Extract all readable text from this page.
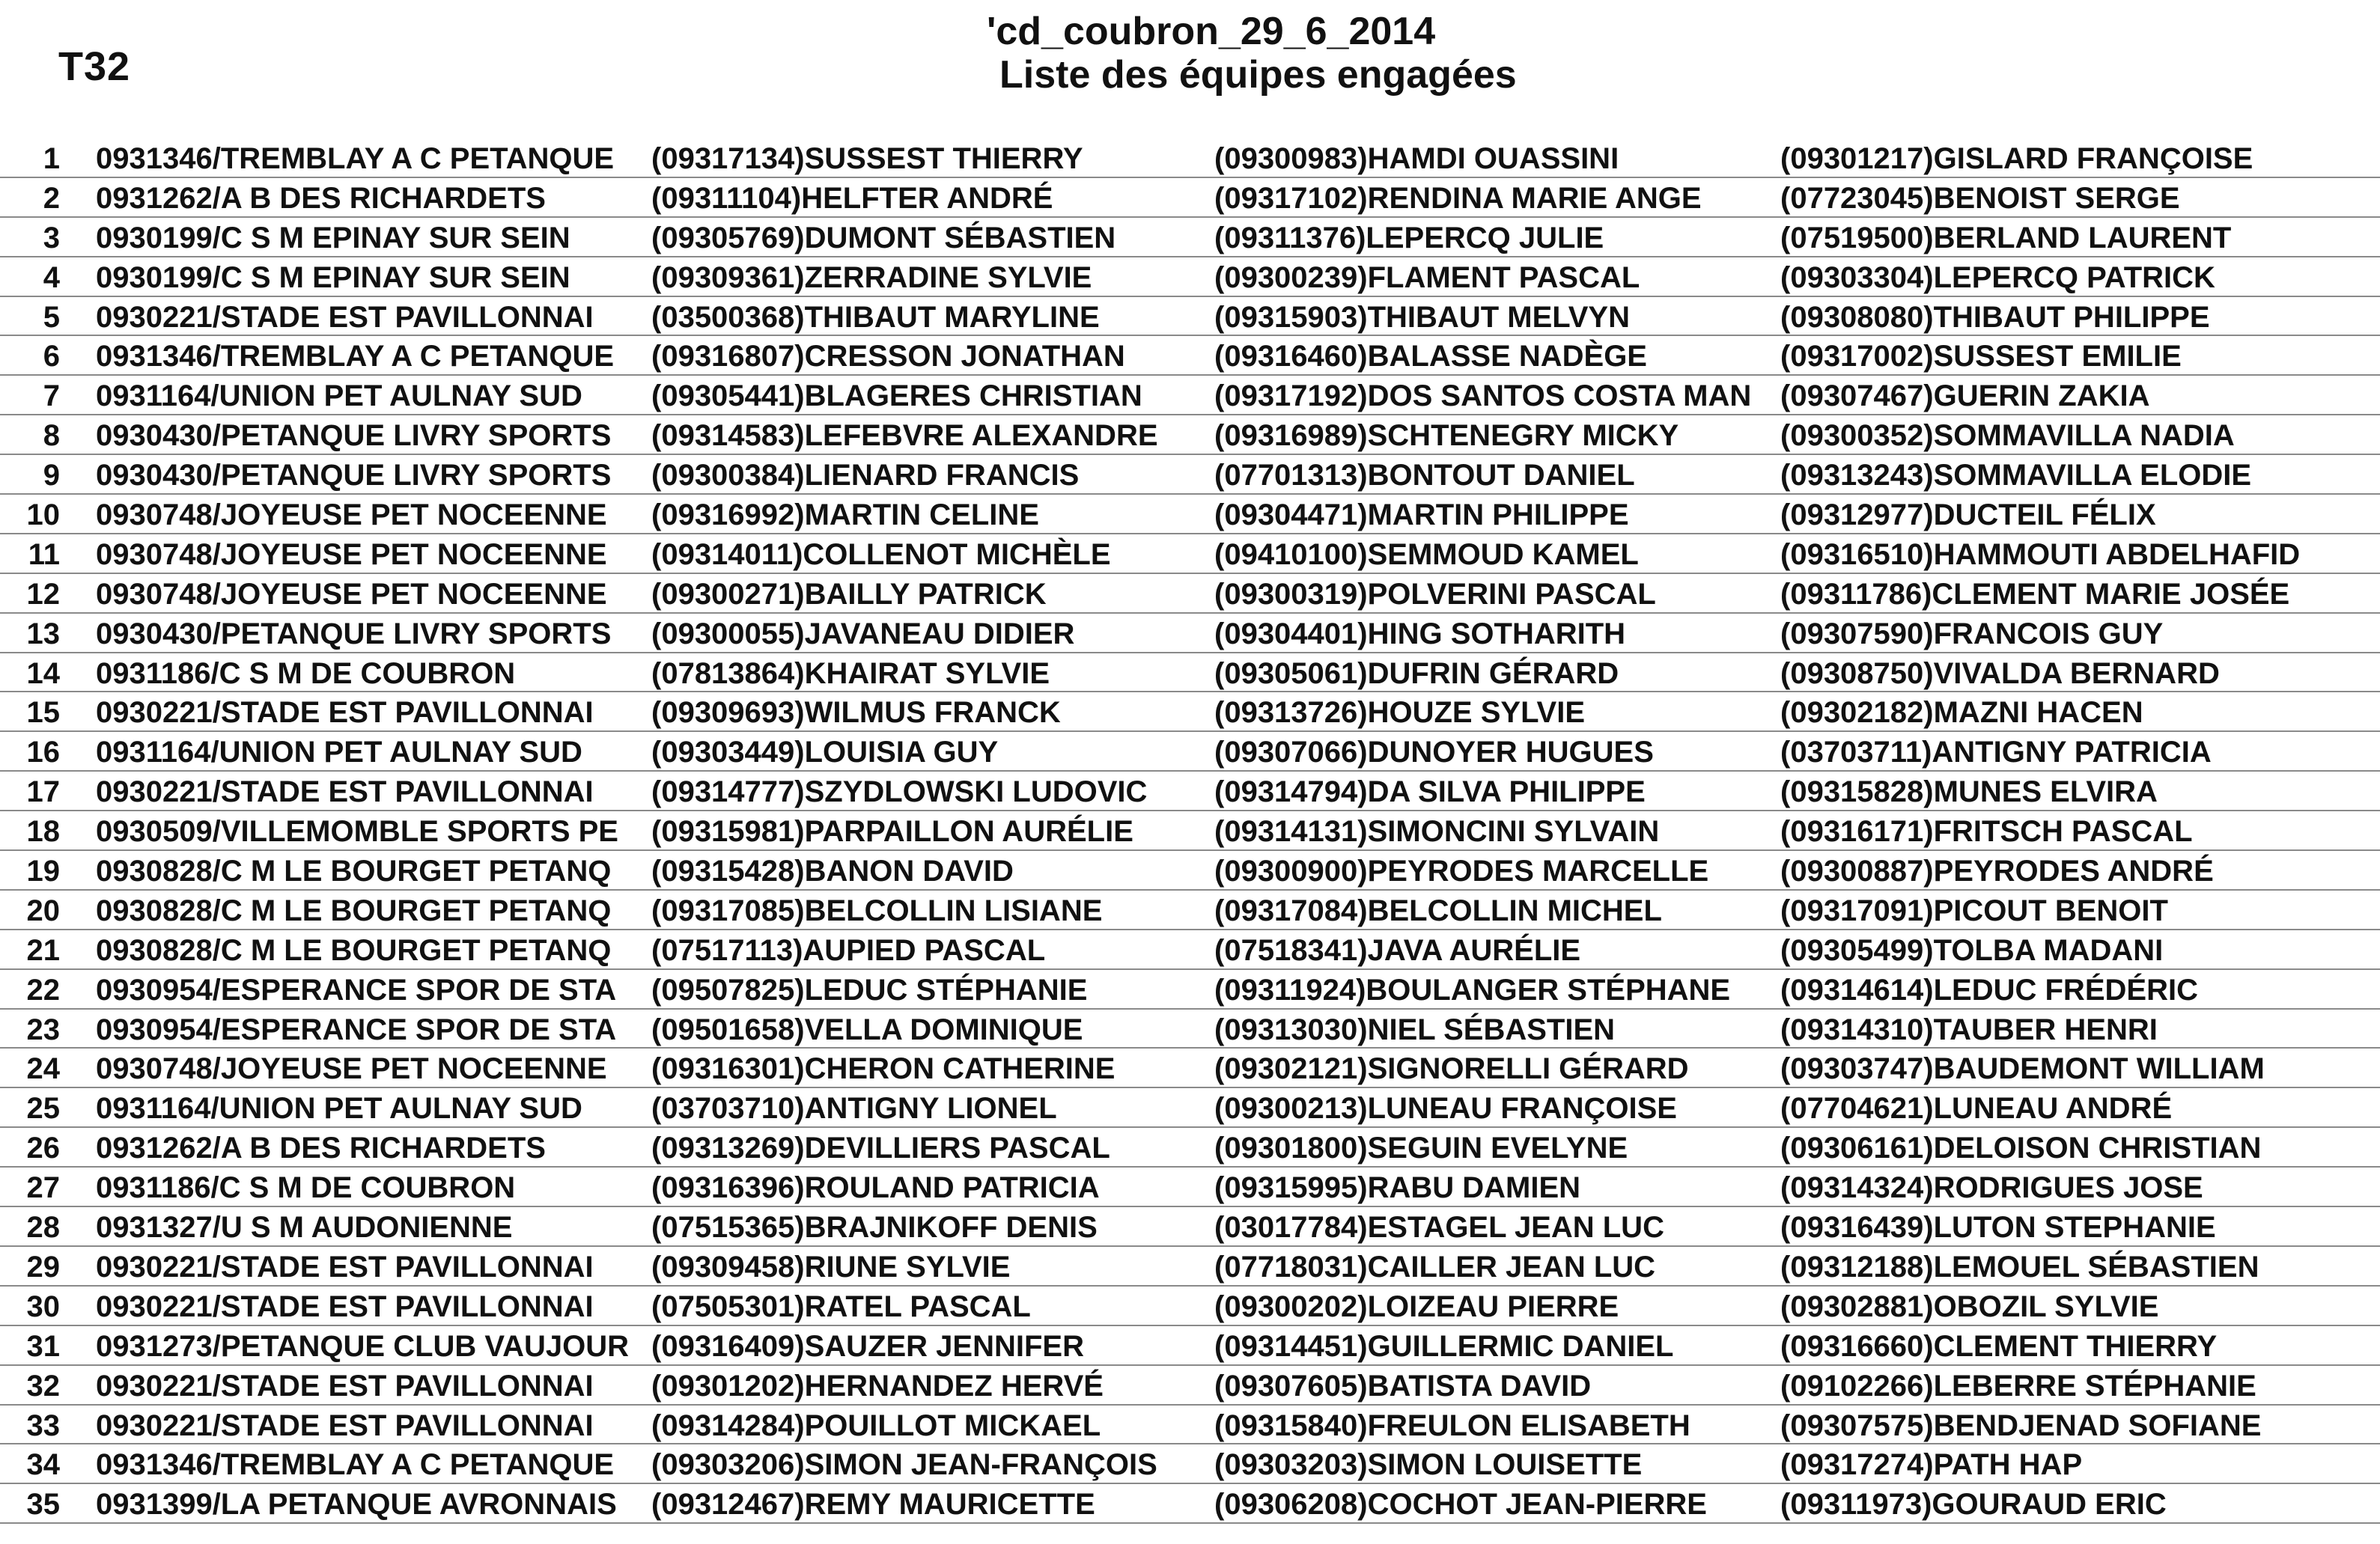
T32
'cd_coubron_29_6_2014
Liste des équipes engagées
1 0931346/TREMBLAY A C PETANQUE (09317134)SUSSEST THIERRY	(09300983)HAMDI OUASSINI	(09301217)GISLARD FRANÇOISE
2 0931262/A B DES RICHARDETS	(09311104)HELFTER ANDRÉ	(09317102)RENDINA MARIE ANGE	(07723045)BENOIST SERGE
3 0930199/C S M EPINAY SUR SEIN	(09305769)DUMONT SÉBASTIEN	(09311376)LEPERCQ JULIE	(07519500)BERLAND LAURENT
4 0930199/C S M EPINAY SUR SEIN	(09309361)ZERRADINE SYLVIE	(09300239)FLAMENT PASCAL	(09303304)LEPERCQ PATRICK
5 0930221/STADE EST PAVILLONNAI (03500368)THIBAUT MARYLINE	(09315903)THIBAUT MELVYN	(09308080)THIBAUT PHILIPPE
6 0931346/TREMBLAY A C PETANQUE (09316807)CRESSON JONATHAN	(09316460)BALASSE NADÈGE	(09317002)SUSSEST EMILIE
7 0931164/UNION PET AULNAY SUD (09305441)BLAGERES CHRISTIAN (09317192)DOS SANTOS COSTA MAN (09307467)GUERIN ZAKIA
8 0930430/PETANQUE LIVRY SPORTS (09314583)LEFEBVRE ALEXANDRE (09316989)SCHTENEGRY MICKY	(09300352)SOMMAVILLA NADIA
9 0930430/PETANQUE LIVRY SPORTS (09300384)LIENARD FRANCIS	(07701313)BONTOUT DANIEL	(09313243)SOMMAVILLA ELODIE
10 0930748/JOYEUSE PET NOCEENNE (09316992)MARTIN CELINE	(09304471)MARTIN PHILIPPE	(09312977)DUCTEIL FÉLIX
11 0930748/JOYEUSE PET NOCEENNE (09314011)COLLENOT MICHÈLE	(09410100)SEMMOUD KAMEL	(09316510)HAMMOUTI ABDELHAFID
12 0930748/JOYEUSE PET NOCEENNE (09300271)BAILLY PATRICK	(09300319)POLVERINI PASCAL	(09311786)CLEMENT MARIE JOSÉE
13 0930430/PETANQUE LIVRY SPORTS (09300055)JAVANEAU DIDIER	(09304401)HING SOTHARITH	(09307590)FRANCOIS GUY
14 0931186/C S M DE COUBRON	(07813864)KHAIRAT SYLVIE	(09305061)DUFRIN GÉRARD	(09308750)VIVALDA BERNARD
15 0930221/STADE EST PAVILLONNAI (09309693)WILMUS FRANCK	(09313726)HOUZE SYLVIE	(09302182)MAZNI HACEN
16 0931164/UNION PET AULNAY SUD (09303449)LOUISIA GUY	(09307066)DUNOYER HUGUES	(03703711)ANTIGNY PATRICIA
17 0930221/STADE EST PAVILLONNAI (09314777)SZYDLOWSKI LUDOVIC (09314794)DA SILVA PHILIPPE	(09315828)MUNES ELVIRA
18 0930509/VILLEMOMBLE SPORTS PE (09315981)PARPAILLON AURÉLIE	(09314131)SIMONCINI SYLVAIN	(09316171)FRITSCH PASCAL
19 0930828/C M LE BOURGET PETANQ (09315428)BANON DAVID	(09300900)PEYRODES MARCELLE (09300887)PEYRODES ANDRÉ
20 0930828/C M LE BOURGET PETANQ (09317085)BELCOLLIN LISIANE	(09317084)BELCOLLIN MICHEL	(09317091)PICOUT BENOIT
21 0930828/C M LE BOURGET PETANQ (07517113)AUPIED PASCAL	(07518341)JAVA AURÉLIE	(09305499)TOLBA MADANI
22 0930954/ESPERANCE SPOR DE STA (09507825)LEDUC STÉPHANIE	(09311924)BOULANGER STÉPHANE (09314614)LEDUC FRÉDÉRIC
23 0930954/ESPERANCE SPOR DE STA (09501658)VELLA DOMINIQUE	(09313030)NIEL SÉBASTIEN	(09314310)TAUBER HENRI
24 0930748/JOYEUSE PET NOCEENNE (09316301)CHERON CATHERINE	(09302121)SIGNORELLI GÉRARD	(09303747)BAUDEMONT WILLIAM
25 0931164/UNION PET AULNAY SUD (03703710)ANTIGNY LIONEL	(09300213)LUNEAU FRANÇOISE	(07704621)LUNEAU ANDRÉ
26 0931262/A B DES RICHARDETS	(09313269)DEVILLIERS PASCAL	(09301800)SEGUIN EVELYNE	(09306161)DELOISON CHRISTIAN
27 0931186/C S M DE COUBRON	(09316396)ROULAND PATRICIA	(09315995)RABU DAMIEN	(09314324)RODRIGUES JOSE
28 0931327/U S M AUDONIENNE	(07515365)BRAJNIKOFF DENIS	(03017784)ESTAGEL JEAN LUC	(09316439)LUTON STEPHANIE
29 0930221/STADE EST PAVILLONNAI (09309458)RIUNE SYLVIE	(07718031)CAILLER JEAN LUC	(09312188)LEMOUEL SÉBASTIEN
30 0930221/STADE EST PAVILLONNAI (07505301)RATEL PASCAL	(09300202)LOIZEAU PIERRE	(09302881)OBOZIL SYLVIE
31 0931273/PETANQUE CLUB VAUJOUR (09316409)SAUZER JENNIFER	(09314451)GUILLERMIC DANIEL	(09316660)CLEMENT THIERRY
32 0930221/STADE EST PAVILLONNAI (09301202)HERNANDEZ HERVÉ	(09307605)BATISTA DAVID	(09102266)LEBERRE STÉPHANIE
33 0930221/STADE EST PAVILLONNAI (09314284)POUILLOT MICKAEL	(09315840)FREULON ELISABETH	(09307575)BENDJENAD SOFIANE
34 0931346/TREMBLAY A C PETANQUE (09303206)SIMON JEAN-FRANÇOIS (09303203)SIMON LOUISETTE	(09317274)PATH HAP
35 0931399/LA PETANQUE AVRONNAIS (09312467)REMY MAURICETTE	(09306208)COCHOT JEAN-PIERRE (09311973)GOURAUD ERIC
